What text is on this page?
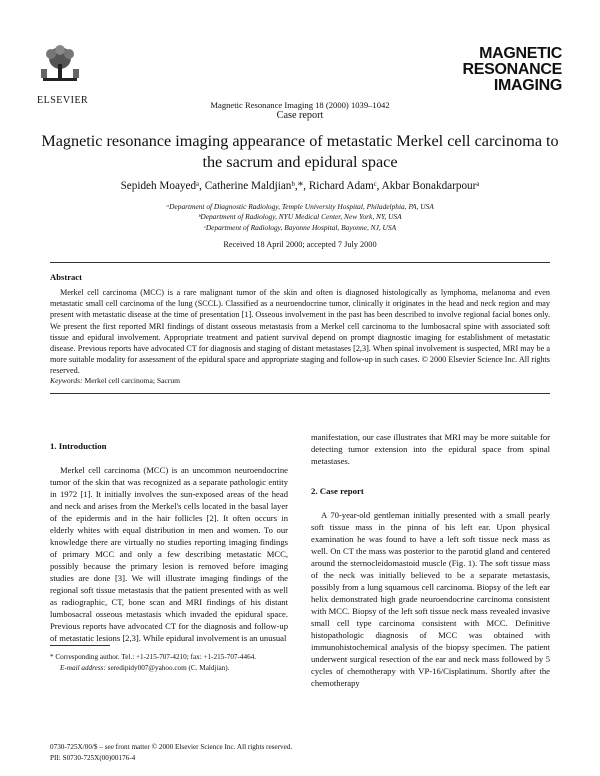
ELSEVIER
MAGNETIC
RESONANCE
IMAGING
Magnetic Resonance Imaging 18 (2000) 1039–1042
Case report
Magnetic resonance imaging appearance of metastatic Merkel cell carcinoma to the sacrum and epidural space
Sepideh Moayedᵃ, Catherine Maldjianᵇ,*, Richard Adamᶜ, Akbar Bonakdarpourᵃ
ᵃDepartment of Diagnostic Radiology, Temple University Hospital, Philadelphia, PA, USA
ᵇDepartment of Radiology, NYU Medical Center, New York, NY, USA
ᶜDepartment of Radiology, Bayonne Hospital, Bayonne, NJ, USA
Received 18 April 2000; accepted 7 July 2000
Abstract
Merkel cell carcinoma (MCC) is a rare malignant tumor of the skin and often is diagnosed histologically as lymphoma, melanoma and even metastatic small cell carcinoma of the lung (SCCL). Classified as a neuroendocrine tumor, clinically it originates in the head and neck region and may present with metastatic disease at the time of presentation [1]. Osseous involvement in the past has been described to involve regional facial bones only. We present the first reported MRI findings of distant osseous metastasis from a Merkel cell carcinoma to the lumbosacral spine with associated soft tissue and epidural involvement. Appropriate treatment and patient survival depend on prompt diagnostic imaging for establishment of metastatic disease. Previous reports have advocated CT for diagnosis and staging of distant metastases [2,3]. When spinal involvement is suspected, MRI may be a more suitable modality for assessment of the epidural space and appropriate staging and follow-up in such cases. © 2000 Elsevier Science Inc. All rights reserved.
Keywords: Merkel cell carcinoma; Sacrum
1. Introduction
Merkel cell carcinoma (MCC) is an uncommon neuroendocrine tumor of the skin that was recognized as a separate pathologic entity in 1972 [1]. It initially involves the sun-exposed areas of the head and neck and arises from the Merkel's cells located in the basal layer of the epidermis and in the hair follicles [2]. It often occurs in elderly whites with equal distribution in men and women. To our knowledge there are virtually no studies reporting imaging findings of primary MCC and only a few describing metastatic MCC, possibly because the primary lesion is removed before imaging studies are done [3]. We will illustrate imaging findings of the regional soft tissue metastasis that the patient presented with as well as radiographic, CT, bone scan and MRI findings of his distant lumbosacral osseous metastasis which invaded the epidural space. Previous reports have advocated CT for the diagnosis and follow-up of metastatic lesions [2,3]. While epidural involvement is an unusual
manifestation, our case illustrates that MRI may be more suitable for detecting tumor extension into the epidural space from spinal metastases.
2. Case report
A 70-year-old gentleman initially presented with a small pearly soft tissue mass in the pinna of his left ear. Upon physical examination he was found to have a left soft tissue neck mass as well. On CT the mass was posterior to the parotid gland and centered around the sternocleidomastoid muscle (Fig. 1). The soft tissue mass of the neck was initially believed to be a separate metastasis, possibly from a lung squamous cell carcinoma. Biopsy of the left ear helix demonstrated high grade neuroendocrine carcinoma consistent with MCC. Biopsy of the left soft tissue neck mass revealed invasive small cell type carcinoma consistent with MCC. Definitive histopathologic diagnosis of MCC was obtained with immunohistochemical analysis of the biopsy specimen. The patient underwent surgical resection of the ear and neck mass followed by 5 cycles of chemotherapy with VP-16/Cisplatinum. Shortly after the chemotherapy
* Corresponding author. Tel.: +1-215-707-4210; fax: +1-215-707-4464.
E-mail address: seredipidy007@yahoo.com (C. Maldjian).
0730-725X/00/$ – see front matter © 2000 Elsevier Science Inc. All rights reserved.
PII: S0730-725X(00)00176-4
